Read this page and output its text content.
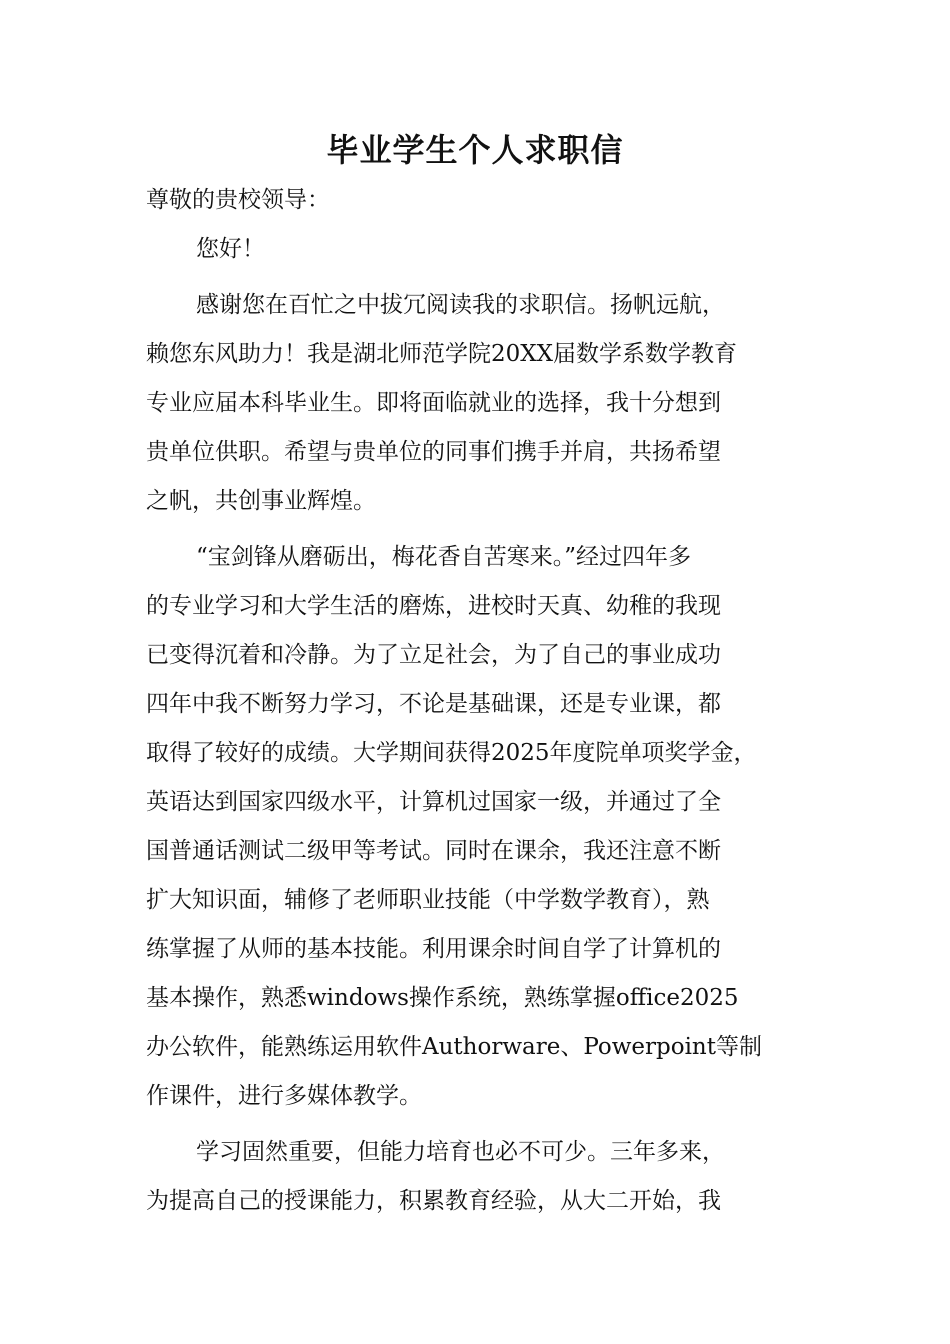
毕业学生个人求职信
尊敬的贵校领导：
您好！
感谢您在百忙之中拔冗阅读我的求职信。扬帆远航，
赖您东风助力！我是湖北师范学院20XX届数学系数学教育
专业应届本科毕业生。即将面临就业的选择，我十分想到
贵单位供职。希望与贵单位的同事们携手并肩，共扬希望
之帆，共创事业辉煌。
“宝剑锋从磨砺出，梅花香自苦寒来。”经过四年多
的专业学习和大学生活的磨炼，进校时天真、幼稚的我现
已变得沉着和冷静。为了立足社会，为了自己的事业成功
四年中我不断努力学习，不论是基础课，还是专业课，都
取得了较好的成绩。大学期间获得2025年度院单项奖学金，
英语达到国家四级水平，计算机过国家一级，并通过了全
国普通话测试二级甲等考试。同时在课余，我还注意不断
扩大知识面，辅修了老师职业技能（中学数学教育），熟
练掌握了从师的基本技能。利用课余时间自学了计算机的
基本操作，熟悉windows操作系统，熟练掌握office2025
办公软件，能熟练运用软件Authorware、Powerpoint等制
作课件，进行多媒体教学。
学习固然重要，但能力培育也必不可少。三年多来，
为提高自己的授课能力，积累教育经验，从大二开始，我
